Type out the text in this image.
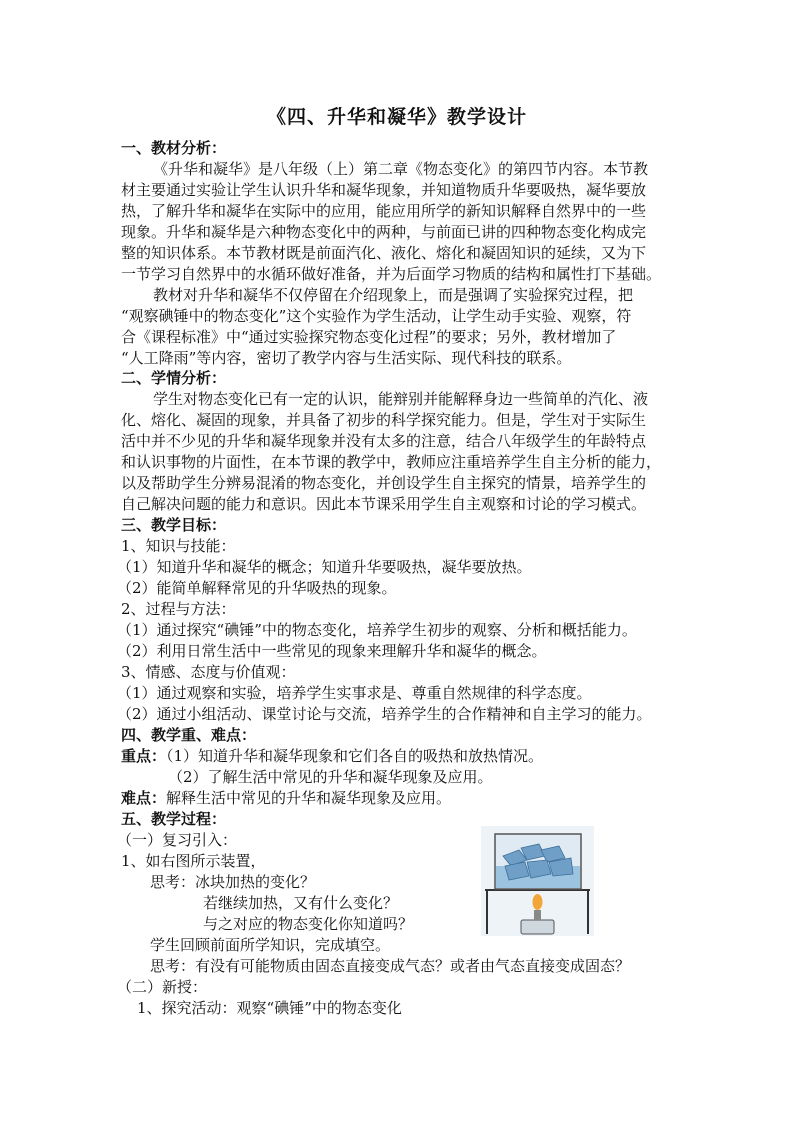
《四、升华和凝华》教学设计
一、教材分析：
《升华和凝华》是八年级（上）第二章《物态变化》的第四节内容。本节教
材主要通过实验让学生认识升华和凝华现象，并知道物质升华要吸热，凝华要放
热，了解升华和凝华在实际中的应用，能应用所学的新知识解释自然界中的一些
现象。升华和凝华是六种物态变化中的两种，与前面已讲的四种物态变化构成完
整的知识体系。本节教材既是前面汽化、液化、熔化和凝固知识的延续，又为下
一节学习自然界中的水循环做好准备，并为后面学习物质的结构和属性打下基础。
教材对升华和凝华不仅停留在介绍现象上，而是强调了实验探究过程，把
“观察碘锤中的物态变化”这个实验作为学生活动，让学生动手实验、观察，符
合《课程标准》中“通过实验探究物态变化过程”的要求；另外，教材增加了
“人工降雨”等内容，密切了教学内容与生活实际、现代科技的联系。
二、学情分析：
学生对物态变化已有一定的认识，能辩别并能解释身边一些简单的汽化、液
化、熔化、凝固的现象，并具备了初步的科学探究能力。但是，学生对于实际生
活中并不少见的升华和凝华现象并没有太多的注意，结合八年级学生的年龄特点
和认识事物的片面性，在本节课的教学中，教师应注重培养学生自主分析的能力，
以及帮助学生分辨易混淆的物态变化，并创设学生自主探究的情景，培养学生的
自己解决问题的能力和意识。因此本节课采用学生自主观察和讨论的学习模式。
三、教学目标：
1、知识与技能：
（1）知道升华和凝华的概念；知道升华要吸热，凝华要放热。
（2）能简单解释常见的升华吸热的现象。
2、过程与方法：
（1）通过探究“碘锤”中的物态变化，培养学生初步的观察、分析和概括能力。
（2）利用日常生活中一些常见的现象来理解升华和凝华的概念。
3、情感、态度与价值观：
（1）通过观察和实验，培养学生实事求是、尊重自然规律的科学态度。
（2）通过小组活动、课堂讨论与交流，培养学生的合作精神和自主学习的能力。
四、教学重、难点：
重点：（1）知道升华和凝华现象和它们各自的吸热和放热情况。
（2）了解生活中常见的升华和凝华现象及应用。
难点：解释生活中常见的升华和凝华现象及应用。
五、教学过程：
（一）复习引入：
1、如右图所示装置，
思考：冰块加热的变化？
若继续加热，又有什么变化？
与之对应的物态变化你知道吗？
学生回顾前面所学知识，完成填空。
思考：有没有可能物质由固态直接变成气态？或者由气态直接变成固态？
（二）新授：
1、探究活动：观察“碘锤”中的物态变化
